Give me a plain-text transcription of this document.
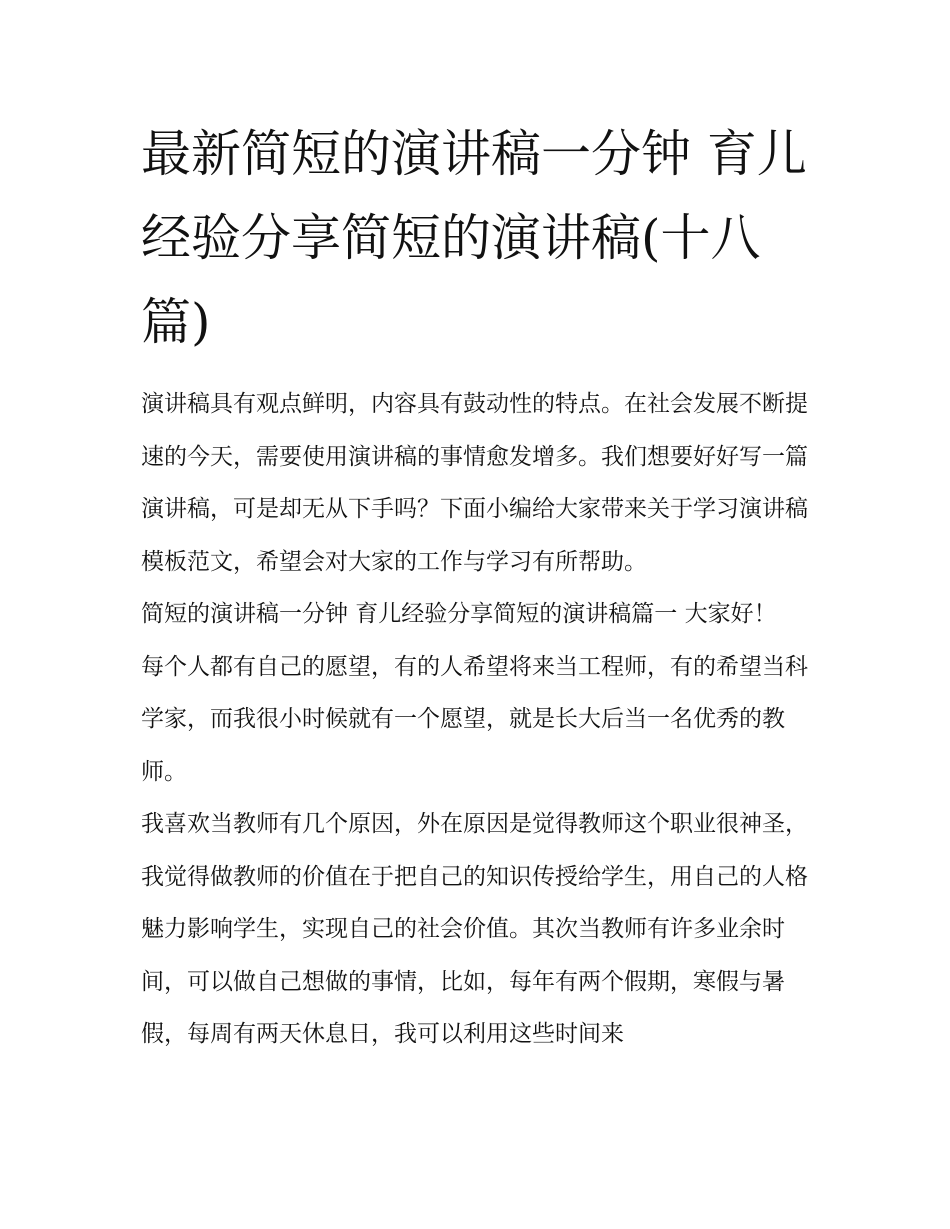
最新简短的演讲稿一分钟 育儿经验分享简短的演讲稿(十八篇)

演讲稿具有观点鲜明，内容具有鼓动性的特点。在社会发展不断提速的今天，需要使用演讲稿的事情愈发增多。我们想要好好写一篇演讲稿，可是却无从下手吗？下面小编给大家带来关于学习演讲稿模板范文，希望会对大家的工作与学习有所帮助。

简短的演讲稿一分钟 育儿经验分享简短的演讲稿篇一 大家好！

每个人都有自己的愿望，有的人希望将来当工程师，有的希望当科学家，而我很小时候就有一个愿望，就是长大后当一名优秀的教师。

我喜欢当教师有几个原因，外在原因是觉得教师这个职业很神圣，我觉得做教师的价值在于把自己的知识传授给学生，用自己的人格魅力影响学生，实现自己的社会价值。其次当教师有许多业余时间，可以做自己想做的事情，比如，每年有两个假期，寒假与暑假，每周有两天休息日，我可以利用这些时间来
